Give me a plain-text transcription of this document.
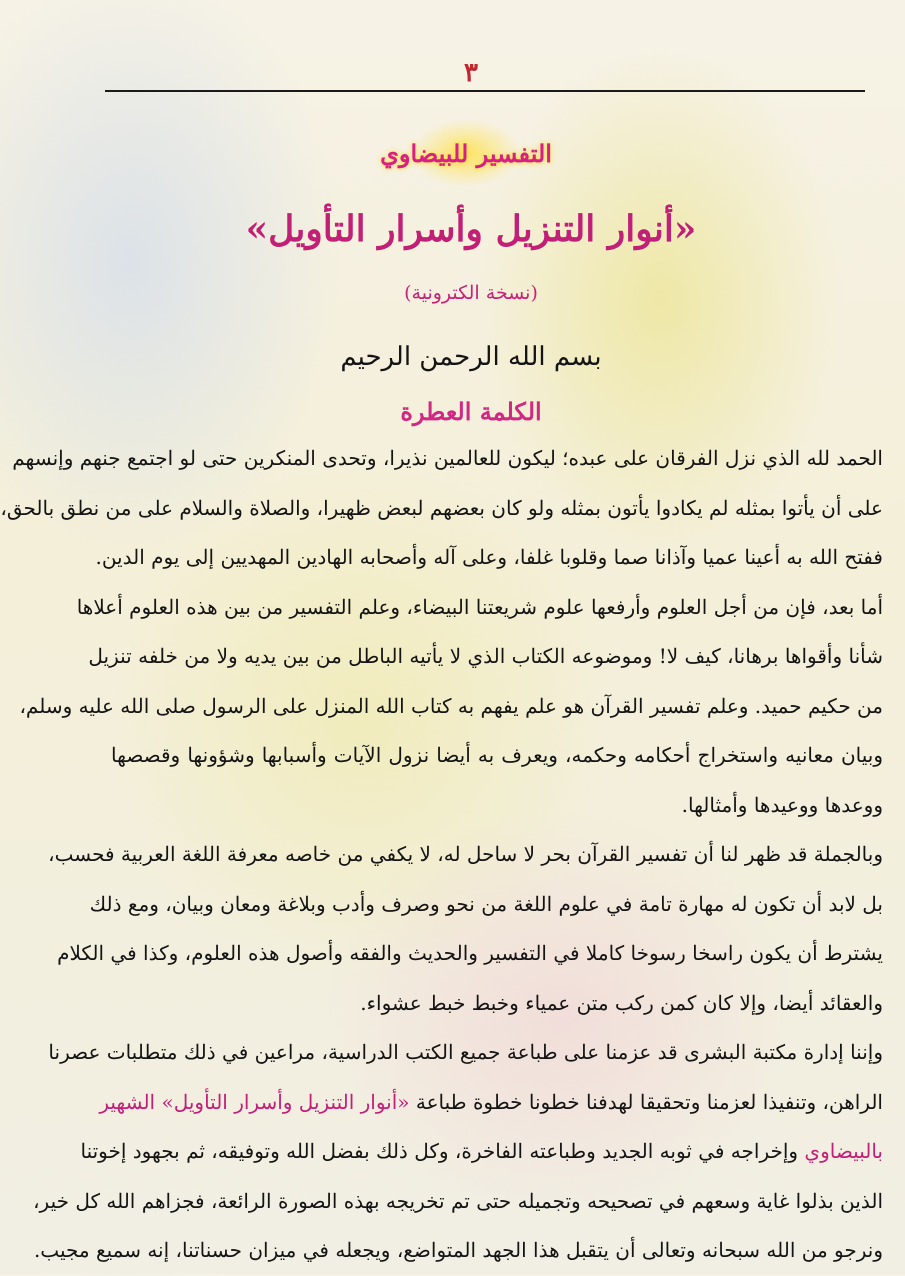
٣
التفسير للبيضاوي
«أنوار التنزيل وأسرار التأويل»
(نسخة الكترونية)
بسم الله الرحمن الرحيم
الكلمة العطرة
الحمد لله الذي نزل الفرقان على عبده؛ ليكون للعالمين نذيرا، وتحدى المنكرين حتى لو اجتمع جنهم وإنسهم
على أن يأتوا بمثله لم يكادوا يأتون بمثله ولو كان بعضهم لبعض ظهيرا، والصلاة والسلام على من نطق بالحق،
ففتح الله به أعينا عميا وآذانا صما وقلوبا غلفا، وعلى آله وأصحابه الهادين المهديين إلى يوم الدين.
أما بعد، فإن من أجل العلوم وأرفعها علوم شريعتنا البيضاء، وعلم التفسير من بين هذه العلوم أعلاها
شأنا وأقواها برهانا، كيف لا! وموضوعه الكتاب الذي لا يأتيه الباطل من بين يديه ولا من خلفه تنزيل
من حكيم حميد. وعلم تفسير القرآن هو علم يفهم به كتاب الله المنزل على الرسول صلى الله عليه وسلم،
وبيان معانيه واستخراج أحكامه وحكمه، ويعرف به أيضا نزول الآيات وأسبابها وشؤونها وقصصها
ووعدها ووعيدها وأمثالها.
وبالجملة قد ظهر لنا أن تفسير القرآن بحر لا ساحل له، لا يكفي من خاصه معرفة اللغة العربية فحسب،
بل لابد أن تكون له مهارة تامة في علوم اللغة من نحو وصرف وأدب وبلاغة ومعان وبيان، ومع ذلك
يشترط أن يكون راسخا رسوخا كاملا في التفسير والحديث والفقه وأصول هذه العلوم، وكذا في الكلام
والعقائد أيضا، وإلا كان كمن ركب متن عمياء وخبط خبط عشواء.
وإننا إدارة مكتبة البشرى قد عزمنا على طباعة جميع الكتب الدراسية، مراعين في ذلك متطلبات عصرنا
الراهن، وتنفيذا لعزمنا وتحقيقا لهدفنا خطونا خطوة طباعة «أنوار التنزيل وأسرار التأويل» الشهير
بالبيضاوي وإخراجه في ثوبه الجديد وطباعته الفاخرة، وكل ذلك بفضل الله وتوفيقه، ثم بجهود إخوتنا
الذين بذلوا غاية وسعهم في تصحيحه وتجميله حتى تم تخريجه بهذه الصورة الرائعة، فجزاهم الله كل خير،
ونرجو من الله سبحانه وتعالى أن يتقبل هذا الجهد المتواضع، ويجعله في ميزان حسناتنا، إنه سميع مجيب.
